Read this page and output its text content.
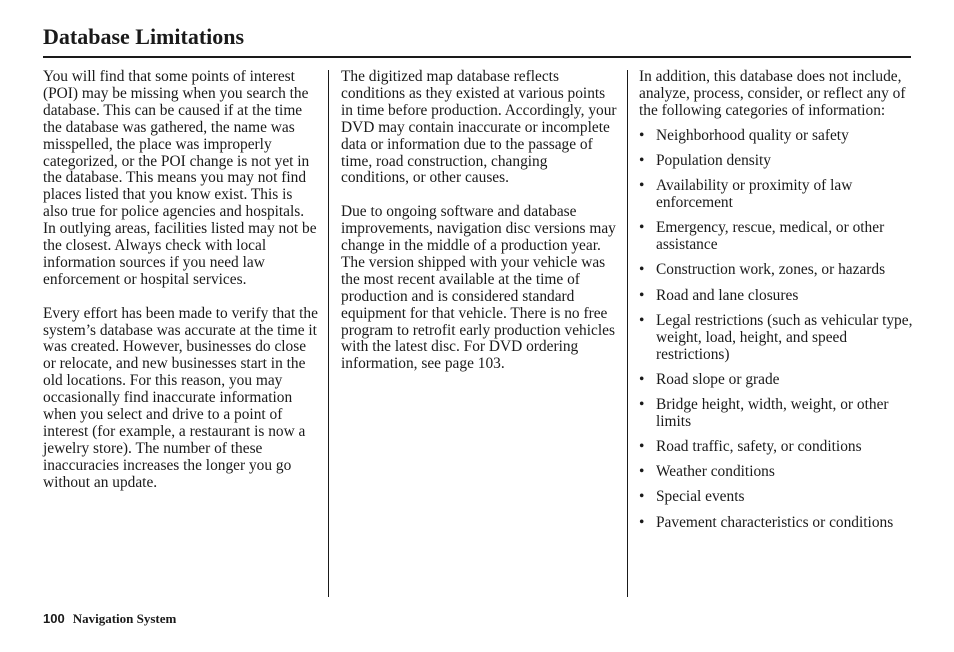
Database Limitations

You will find that some points of interest (POI) may be missing when you search the database. This can be caused if at the time the database was gathered, the name was misspelled, the place was improperly categorized, or the POI change is not yet in the database. This means you may not find places listed that you know exist. This is also true for police agencies and hospitals. In outlying areas, facilities listed may not be the closest. Always check with local information sources if you need law enforcement or hospital services.

Every effort has been made to verify that the system’s database was accurate at the time it was created. However, businesses do close or relocate, and new businesses start in the old locations. For this reason, you may occasionally find inaccurate information when you select and drive to a point of interest (for example, a restaurant is now a jewelry store). The number of these inaccuracies increases the longer you go without an update.

The digitized map database reflects conditions as they existed at various points in time before production. Accordingly, your DVD may contain inaccurate or incomplete data or information due to the passage of time, road construction, changing conditions, or other causes.

Due to ongoing software and database improvements, navigation disc versions may change in the middle of a production year. The version shipped with your vehicle was the most recent available at the time of production and is considered standard equipment for that vehicle. There is no free program to retrofit early production vehicles with the latest disc. For DVD ordering information, see page 103.

In addition, this database does not include, analyze, process, consider, or reflect any of the following categories of information:

• Neighborhood quality or safety
• Population density
• Availability or proximity of law enforcement
• Emergency, rescue, medical, or other assistance
• Construction work, zones, or hazards
• Road and lane closures
• Legal restrictions (such as vehicular type, weight, load, height, and speed restrictions)
• Road slope or grade
• Bridge height, width, weight, or other limits
• Road traffic, safety, or conditions
• Weather conditions
• Special events
• Pavement characteristics or conditions
100 Navigation System
